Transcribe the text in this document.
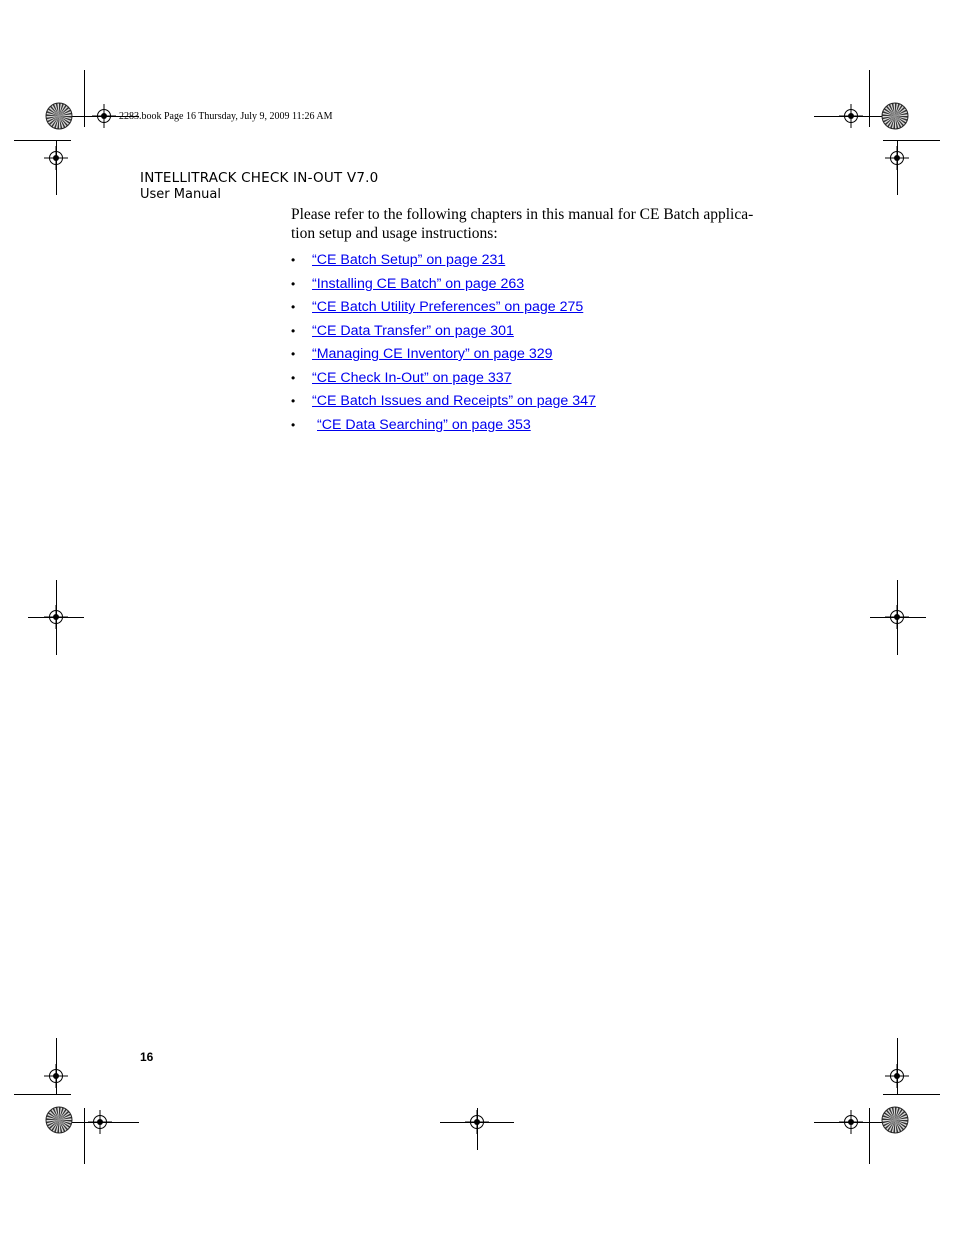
2283.book Page 16 Thursday, July 9, 2009 11:26 AM
INTELLITRACK CHECK IN-OUT V7.0
User Manual
Please refer to the following chapters in this manual for CE Batch applica-
tion setup and usage instructions:
• “CE Batch Setup” on page 231
• “Installing CE Batch” on page 263
• “CE Batch Utility Preferences” on page 275
• “CE Data Transfer” on page 301
• “Managing CE Inventory” on page 329
• “CE Check In-Out” on page 337
• “CE Batch Issues and Receipts” on page 347
• “CE Data Searching” on page 353
16
